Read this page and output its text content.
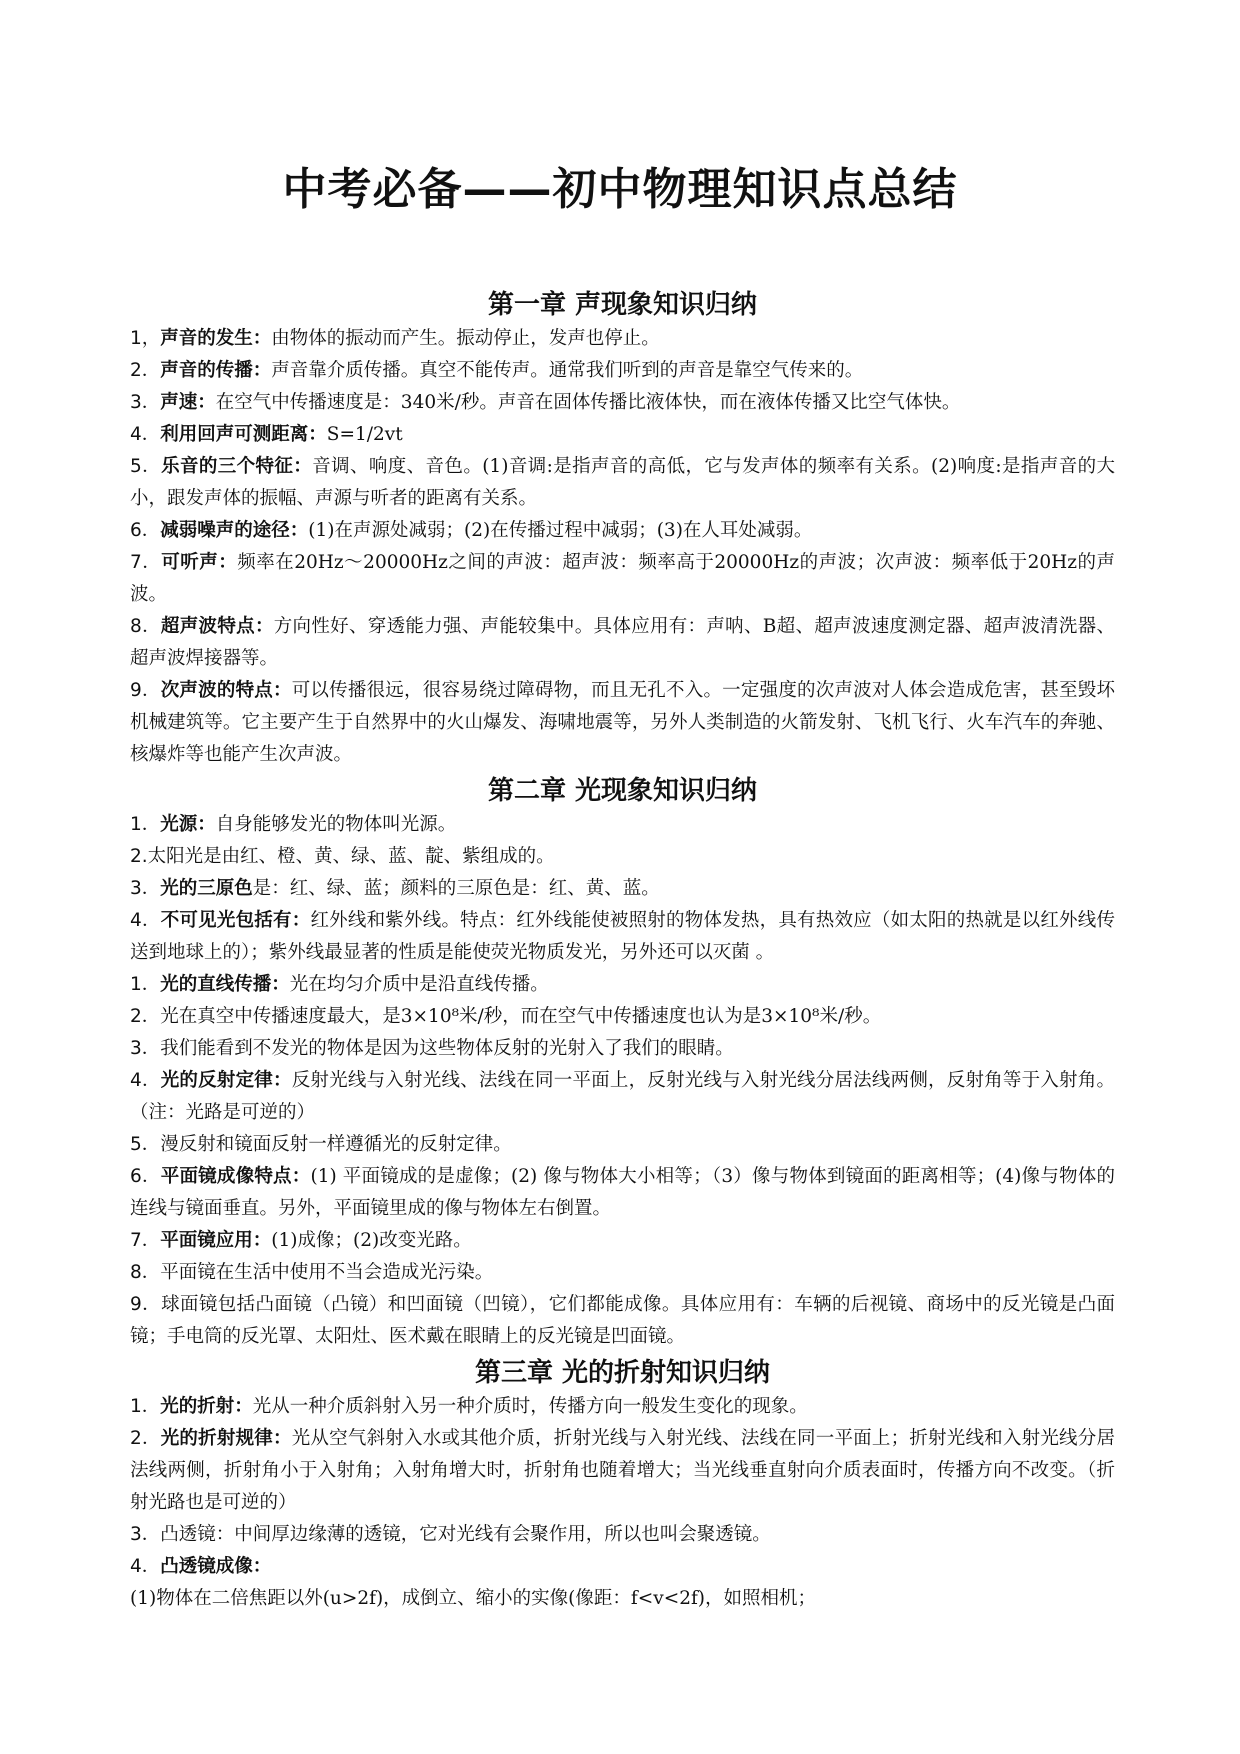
中考必备——初中物理知识点总结
第一章 声现象知识归纳

1，声音的发生：由物体的振动而产生。振动停止，发声也停止。

2．声音的传播：声音靠介质传播。真空不能传声。通常我们听到的声音是靠空气传来的。

3．声速：在空气中传播速度是：340米/秒。声音在固体传播比液体快，而在液体传播又比空气体快。

4．利用回声可测距离：S=1/2vt

5．乐音的三个特征：音调、响度、音色。(1)音调:是指声音的高低，它与发声体的频率有关系。(2)响度:是指声音的大小，跟发声体的振幅、声源与听者的距离有关系。

6．减弱噪声的途径：(1)在声源处减弱；(2)在传播过程中减弱；(3)在人耳处减弱。

7．可听声：频率在20Hz～20000Hz之间的声波：超声波：频率高于20000Hz的声波；次声波：频率低于20Hz的声波。

8．超声波特点：方向性好、穿透能力强、声能较集中。具体应用有：声呐、B超、超声波速度测定器、超声波清洗器、超声波焊接器等。

9．次声波的特点：可以传播很远，很容易绕过障碍物，而且无孔不入。一定强度的次声波对人体会造成危害，甚至毁坏机械建筑等。它主要产生于自然界中的火山爆发、海啸地震等，另外人类制造的火箭发射、飞机飞行、火车汽车的奔驰、核爆炸等也能产生次声波。

第二章 光现象知识归纳

1．光源：自身能够发光的物体叫光源。

2.太阳光是由红、橙、黄、绿、蓝、靛、紫组成的。

3．光的三原色是：红、绿、蓝；颜料的三原色是：红、黄、蓝。

4．不可见光包括有：红外线和紫外线。特点：红外线能使被照射的物体发热，具有热效应（如太阳的热就是以红外线传送到地球上的）；紫外线最显著的性质是能使荧光物质发光，另外还可以灭菌 。

1．光的直线传播：光在均匀介质中是沿直线传播。

2．光在真空中传播速度最大，是3×10⁸米/秒，而在空气中传播速度也认为是3×10⁸米/秒。

3．我们能看到不发光的物体是因为这些物体反射的光射入了我们的眼睛。

4．光的反射定律：反射光线与入射光线、法线在同一平面上，反射光线与入射光线分居法线两侧，反射角等于入射角。（注：光路是可逆的）

5．漫反射和镜面反射一样遵循光的反射定律。

6．平面镜成像特点：(1) 平面镜成的是虚像；(2) 像与物体大小相等；（3）像与物体到镜面的距离相等；(4)像与物体的连线与镜面垂直。另外，平面镜里成的像与物体左右倒置。

7．平面镜应用：(1)成像；(2)改变光路。

8．平面镜在生活中使用不当会造成光污染。

9．球面镜包括凸面镜（凸镜）和凹面镜（凹镜），它们都能成像。具体应用有：车辆的后视镜、商场中的反光镜是凸面镜；手电筒的反光罩、太阳灶、医术戴在眼睛上的反光镜是凹面镜。

第三章 光的折射知识归纳

1．光的折射：光从一种介质斜射入另一种介质时，传播方向一般发生变化的现象。

2．光的折射规律：光从空气斜射入水或其他介质，折射光线与入射光线、法线在同一平面上；折射光线和入射光线分居法线两侧，折射角小于入射角；入射角增大时，折射角也随着增大；当光线垂直射向介质表面时，传播方向不改变。（折射光路也是可逆的）

3．凸透镜：中间厚边缘薄的透镜，它对光线有会聚作用，所以也叫会聚透镜。

4．凸透镜成像：

(1)物体在二倍焦距以外(u>2f)，成倒立、缩小的实像(像距：f<v<2f)，如照相机；
